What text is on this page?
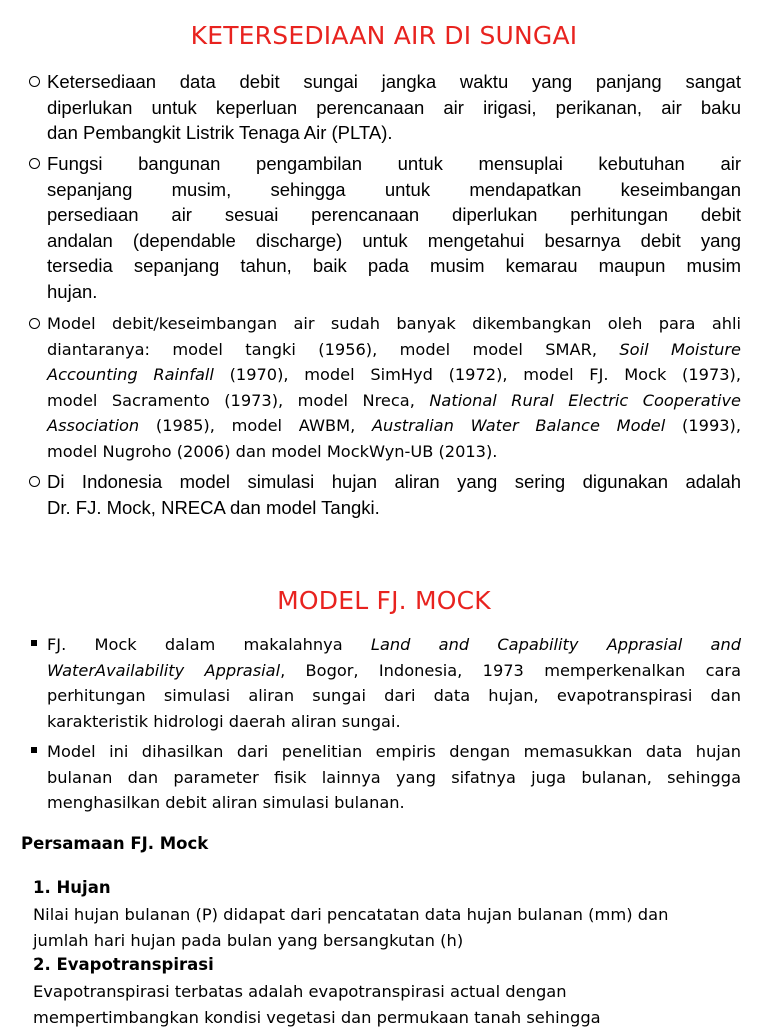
KETERSEDIAAN AIR DI SUNGAI
Ketersediaan data debit sungai jangka waktu yang panjang sangat
diperlukan untuk keperluan perencanaan air irigasi, perikanan, air baku
dan Pembangkit Listrik Tenaga Air (PLTA).
Fungsi bangunan pengambilan untuk mensuplai kebutuhan air
sepanjang musim, sehingga untuk mendapatkan keseimbangan
persediaan air sesuai perencanaan diperlukan perhitungan debit
andalan (dependable discharge) untuk mengetahui besarnya debit yang
tersedia sepanjang tahun, baik pada musim kemarau maupun musim
hujan.
Model debit/keseimbangan air sudah banyak dikembangkan oleh para ahli
diantaranya: model tangki (1956), model model SMAR, Soil Moisture
Accounting Rainfall (1970), model SimHyd (1972), model FJ. Mock (1973),
model Sacramento (1973), model Nreca, National Rural Electric Cooperative
Association (1985), model AWBM, Australian Water Balance Model (1993),
model Nugroho (2006) dan model MockWyn-UB (2013).
Di Indonesia model simulasi hujan aliran yang sering digunakan adalah
Dr. FJ. Mock, NRECA dan model Tangki.
MODEL FJ. MOCK
FJ. Mock dalam makalahnya Land and Capability Apprasial and
WaterAvailability Apprasial, Bogor, Indonesia, 1973 memperkenalkan cara
perhitungan simulasi aliran sungai dari data hujan, evapotranspirasi dan
karakteristik hidrologi daerah aliran sungai.
Model ini dihasilkan dari penelitian empiris dengan memasukkan data hujan
bulanan dan parameter fisik lainnya yang sifatnya juga bulanan, sehingga
menghasilkan debit aliran simulasi bulanan.
Persamaan FJ. Mock
1. Hujan
Nilai hujan bulanan (P) didapat dari pencatatan data hujan bulanan (mm) dan
jumlah hari hujan pada bulan yang bersangkutan (h)
2. Evapotranspirasi
Evapotranspirasi terbatas adalah evapotranspirasi actual dengan
mempertimbangkan kondisi vegetasi dan permukaan tanah sehingga
